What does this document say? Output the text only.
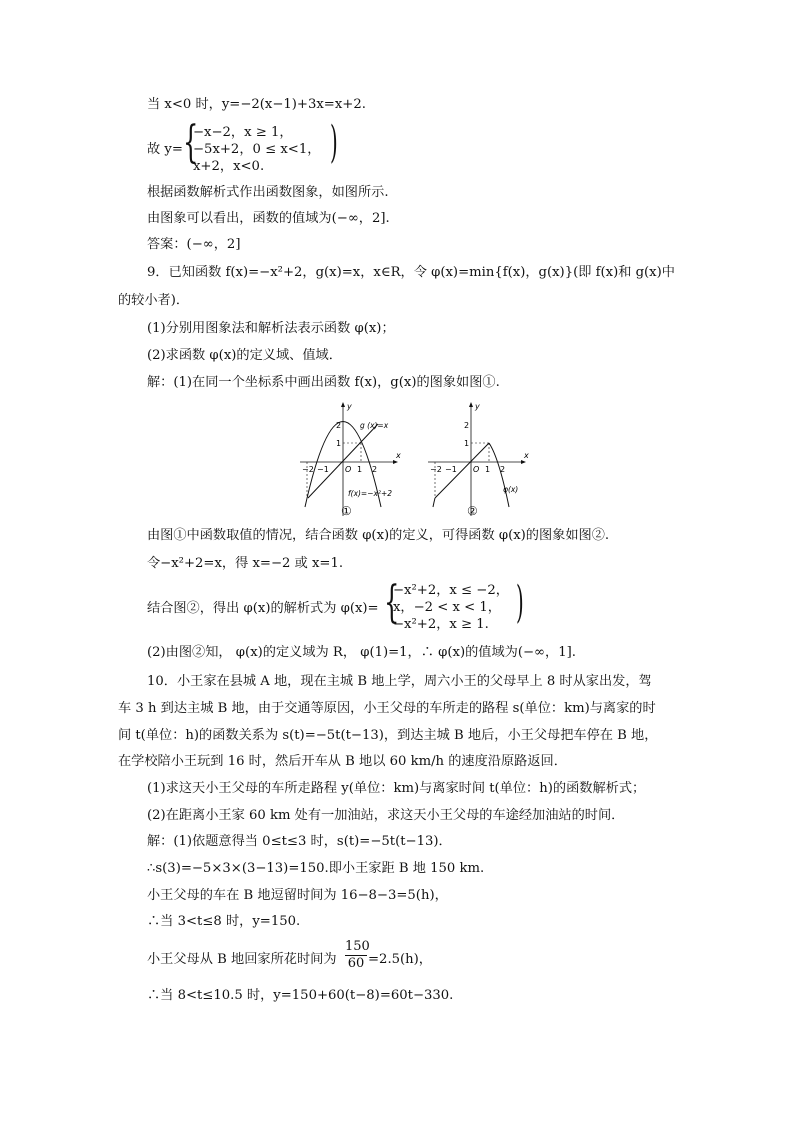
当 x<0 时，y=−2(x−1)+3x=x+2.
故 y= {
−x−2，x ≥ 1，
−5x+2，0 ≤ x<1，
x+2，x<0. )
根据函数解析式作出函数图象，如图所示.
由图象可以看出，函数的值域为(−∞，2].
答案：(−∞，2]
9．已知函数 f(x)=−x²+2，g(x)=x，x∈R，令 φ(x)=min{f(x)，g(x)}(即 f(x)和 g(x)中
的较小者)．
(1)分别用图象法和解析法表示函数 φ(x)；
(2)求函数 φ(x)的定义域、值域．
解：(1)在同一个坐标系中画出函数 f(x)，g(x)的图象如图①.
x
y
−2 −1	1 2
1
2
O
g (x)=x
f(x)=−x²+2
①
x
y
−2 −1	1 2
1
2
O
φ(x)
②
由图①中函数取值的情况，结合函数 φ(x)的定义，可得函数 φ(x)的图象如图②.
令−x²+2=x，得 x=−2 或 x=1.
结合图②，得出 φ(x)的解析式为 φ(x)= {
−x²+2，x ≤ −2，
x，−2 < x < 1，
−x²+2，x ≥ 1. )
(2)由图②知， φ(x)的定义域为 R， φ(1)=1，∴ φ(x)的值域为(−∞，1].
10．小王家在县城 A 地，现在主城 B 地上学，周六小王的父母早上 8 时从家出发，驾
车 3 h 到达主城 B 地，由于交通等原因，小王父母的车所走的路程 s(单位：km)与离家的时
间 t(单位：h)的函数关系为 s(t)=−5t(t−13)，到达主城 B 地后，小王父母把车停在 B 地，
在学校陪小王玩到 16 时，然后开车从 B 地以 60 km/h 的速度沿原路返回．
(1)求这天小王父母的车所走路程 y(单位：km)与离家时间 t(单位：h)的函数解析式；
(2)在距离小王家 60 km 处有一加油站，求这天小王父母的车途经加油站的时间．
解：(1)依题意得当 0≤t≤3 时，s(t)=−5t(t−13)．
∴s(3)=−5×3×(3−13)=150.即小王家距 B 地 150 km.
小王父母的车在 B 地逗留时间为 16−8−3=5(h)，
∴当 3<t≤8 时，y=150.
小王父母从 B 地回家所花时间为
150
60 =2.5(h)，
∴当 8<t≤10.5 时，y=150+60(t−8)=60t−330.
